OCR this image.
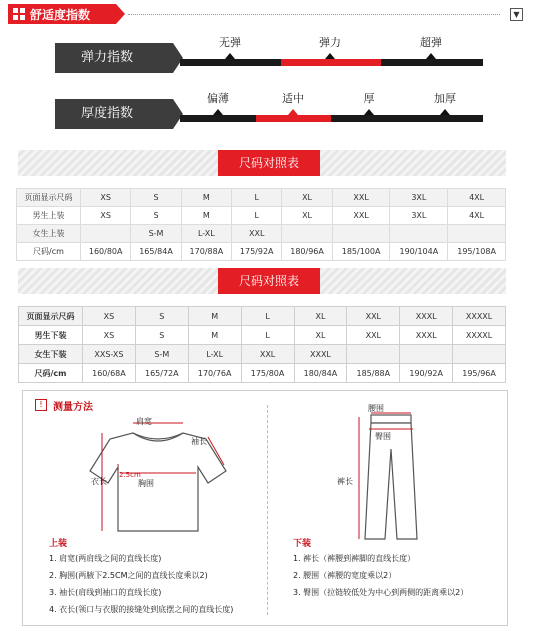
舒适度指数	▼
弹力指数
无弹	弹力	超弹
厚度指数
偏薄	适中	厚	加厚
尺码对照表
页面显示尺码	XS	S	M	L	XL	XXL	3XL	4XL
男生上装	XS	S	M	L	XL	XXL	3XL	4XL
女生上装		S-M	L-XL	XXL				
尺码/cm	160/80A	165/84A	170/88A	175/92A	180/96A	185/100A	190/104A	195/108A
尺码对照表
页面显示尺码	XS	S	M	L	XL	XXL	XXXL	XXXXL
男生下装	XS	S	M	L	XL	XXL	XXXL	XXXXL
女生下装	XXS-XS	S-M	L-XL	XXL	XXXL			
尺码/cm	160/68A	165/72A	170/76A	175/80A	180/84A	185/88A	190/92A	195/96A
!	测量方法
肩宽
袖长
衣长
2.5cm
胸围
腰围
臀围
裤长
上装
1. 肩宽(两肩线之间的直线长度)
2. 胸围(两腋下2.5CM之间的直线长度乘以2)
3. 袖长(肩线到袖口的直线长度)
4. 衣长(领口与衣服的接缝处到底摆之间的直线长度)
下装
1. 裤长（裤腰到裤脚的直线长度）
2. 腰围（裤腰的宽度乘以2）
3. 臀围（拉链较低处为中心到两侧的距离乘以2）
